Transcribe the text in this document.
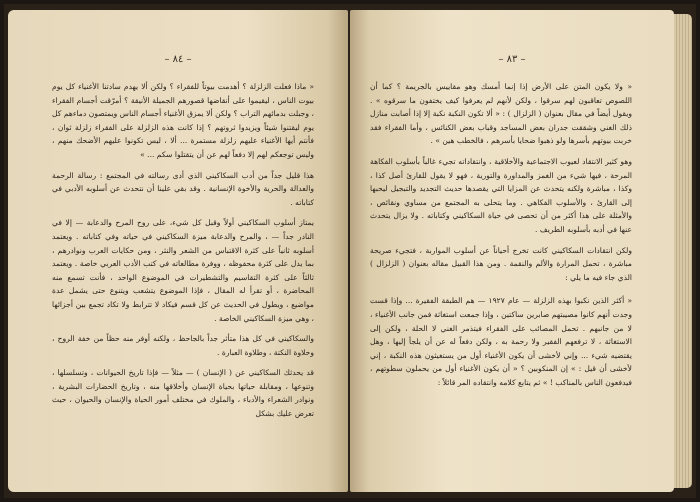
– ٨٤ –

« ماذا فعلت الزلزلة ؟ أهدمت بيوتاً للفقراء ؟ ولكن ألا يهدم سادتنا الأغنياء كل يوم بيوت الناس ، ليقيموا على أنقاضها قصورهم الجميلة الأنيقة ؟ أمرّقت أجسام الفقراء ، وجبلت بدمائهم التراب ؟ ولكن ألا يمزق الأغنياء أجسام الناس ويمتصون دماءهم كل يوم ليقتنوا شيئاً ويزيدوا ثروتهم ؟ إذا كانت هذه الزلزلة على الفقراء زلزلة ثوان ، فأنتم أيها الأغنياء عليهم زلزلة مستمرة ... ألا ، ليس تكونوا عليهم الأضحك منهم ، وليس توجعكم لهم إلا دفعاً لهم عن أن يتقتلوا سكم ... »

هذا قليل جداً من أدب السكاكيني الذي أدى رسالته في المجتمع : رسالة الرحمة والعدالة والحرية والأخوة الإنسانية . وقد بقي علينا أن نتحدث عن أسلوبه الأدبي في كتاباته .

يمتاز أسلوب السكاكيني أولاً وقبل كل شيء، على روح المرح والدعابة — إلا في النادر جداً — ، والمرح والدعابة ميزة السكاكيني في حياته وفي كتاباته . ويعتمد أسلوبه ثانياً على كثرة الاقتباس من الشعر والنثر ، ومن حكايات العرب ونوادرهم ، بما يدل على كثرة محفوظه ، ووفرة مطالعاته في كتب الأدب العربي خاصة . ويعتمد ثالثاً على كثرة التقاسيم والتشطيرات في الموضوع الواحد ، فأنت تسمع منه المحاضرة ، أو تقرأ له المقال ، فإذا الموضوع يتشعب ويتنوع حتى يشمل عدة مواضيع ، ويطول في الحديث عن كل قسم فيكاد لا تترابط ولا تكاد تجمع بين أجزائها ، وهي ميزة السكاكيني الخاصة .

والسكاكيني في كل هذا متأثر جداً بالجاحظ ، ولكنه أوفر منه حظاً من خفة الروح ، وحلاوة النكتة ، وطلاوة العبارة .

قد يحدثك السكاكيني عن ( الإنسان ) — مثلاً — فإذا تاريخ الحيوانات ، وتسلسلها ، وتنوعها ، ومقابلة حياتها بحياة الإنسان وأخلاقها منه ، وتاريخ الحضارات البشرية ، ونوادر الشعراء والأدباء ، والملوك في مختلف أمور الحياة والإنسان والحيوان ، حيث تعرض عليك بشكل

– ٨٣ –

« ولا يكون المتن على الأرض إذا إنما أمسك وهو مقاييس بالجريمة ؟ كما أن اللصوص تعاقبون لهم سرقوا ، ولكن لأنهم لم يعرفوا كيف يختفون ما سرقوه » . ويقول أيضاً في مقال بعنوان ( الزلزال ) : « ألا تكون النكبة نكبة إلا إذا أصابت منازل ذلك الغني وشققت جدران بعض المساجد وقباب بعض الكنائس ، وأما الفقراء فقد خربت بيوتهم بأسرها ولو ذهبوا ضحايا بأسرهم ، فالخطب هين » .

وهو كثير الانتقاد لعيوب الاجتماعية والأخلاقية ، وانتقاداته تجيء غالباً بأسلوب الفكاهة المرحة ، فيها شيء من الغمز والمداورة والتورية ، فهو لا يقول للقارئ أصل كذا ، وكذا ، مباشرة ولكنه يتحدث عن المزايا التي يقصدها حديث التجديد والتبجيل ليحبها إلى القارئ ، والأسلوب الفكاهي . وما يتحلى به المجتمع من مساوي ونقائص ، والأمثلة على هذا أكثر من أن تحصى في حياة السكاكيني وكتاباته . ولا يزال يتحدث عنها في أدبه بأسلوبه الطريف .

ولكن انتقادات السكاكيني كانت تخرج أحياناً عن أسلوب المواربة ، فتجيء صريحة مباشرة ، تحمل المرارة والألم والنقمة . ومن هذا القبيل مقاله بعنوان ( الزلزال ) الذي جاء فيه ما يلي :

« أكثر الذين نكبوا بهذه الزلزلة — عام ١٩٢٧ — هم الطبقة الفقيرة ... وإذا قست وجدت أنهم كانوا مصيبتهم صابرين ساكتين ، وإذا جمعت استغاثة فمن جانب الأغنياء ، لا من جانبهم . تحمل المصائب على الفقراء فيتذمر الغني لا الحلة ، ولكن إلى الاستغاثة ، لا ترفعهم الفقير ولا رحمة به ، ولكن دفعاً له عن أن يلجأ إليها ، وهل يقتضيه شيء ... وإني لأخشى أن يكون الأغنياء أول من يستغيثون هذه النكبة ، إني لأخشى أن قيل : » إن المنكوبين ؟ « أن يكون الأغنياء أول من يحملون سطوتهم ، فيدفعون الناس بالمناكب ! » ثم يتابع كلامه وانتقاده المر قائلاً :
